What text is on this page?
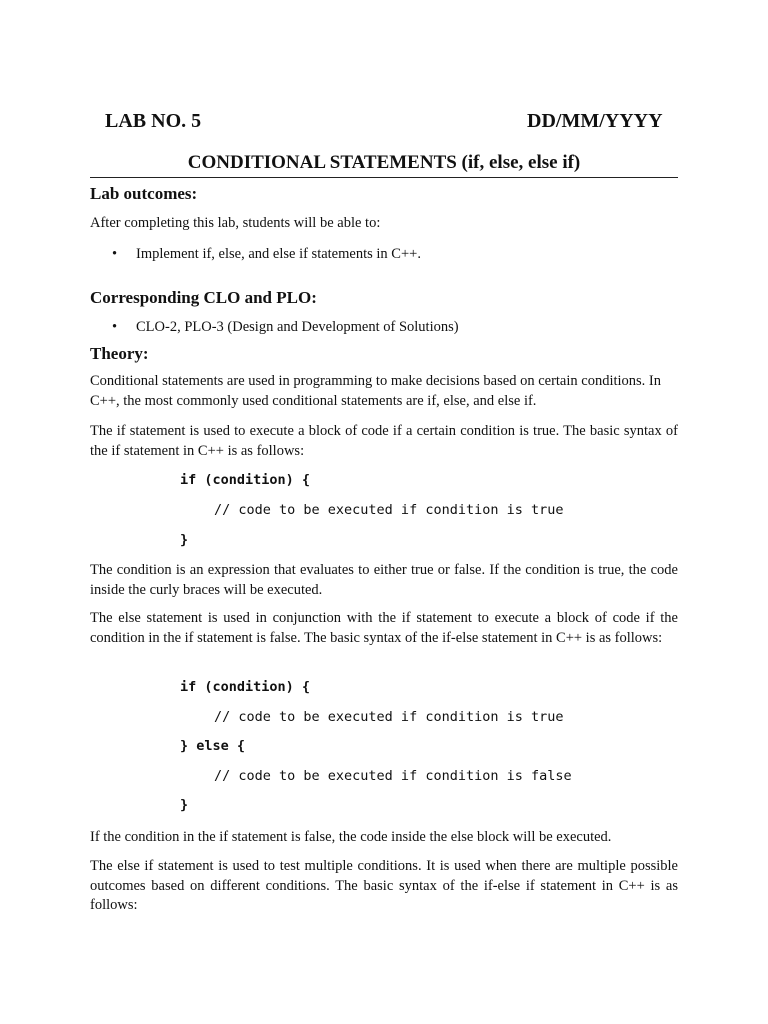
LAB NO. 5	DD/MM/YYYY
CONDITIONAL STATEMENTS (if, else, else if)
Lab outcomes:
After completing this lab, students will be able to:
• Implement if, else, and else if statements in C++.
Corresponding CLO and PLO:
• CLO-2, PLO-3 (Design and Development of Solutions)
Theory:
Conditional statements are used in programming to make decisions based on certain conditions. In C++, the most commonly used conditional statements are if, else, and else if.
The if statement is used to execute a block of code if a certain condition is true. The basic syntax of the if statement in C++ is as follows:
if (condition) {
// code to be executed if condition is true
}
The condition is an expression that evaluates to either true or false. If the condition is true, the code inside the curly braces will be executed.
The else statement is used in conjunction with the if statement to execute a block of code if the condition in the if statement is false. The basic syntax of the if-else statement in C++ is as follows:
if (condition) {
// code to be executed if condition is true
} else {
// code to be executed if condition is false
}
If the condition in the if statement is false, the code inside the else block will be executed.
The else if statement is used to test multiple conditions. It is used when there are multiple possible outcomes based on different conditions. The basic syntax of the if-else if statement in C++ is as follows:
